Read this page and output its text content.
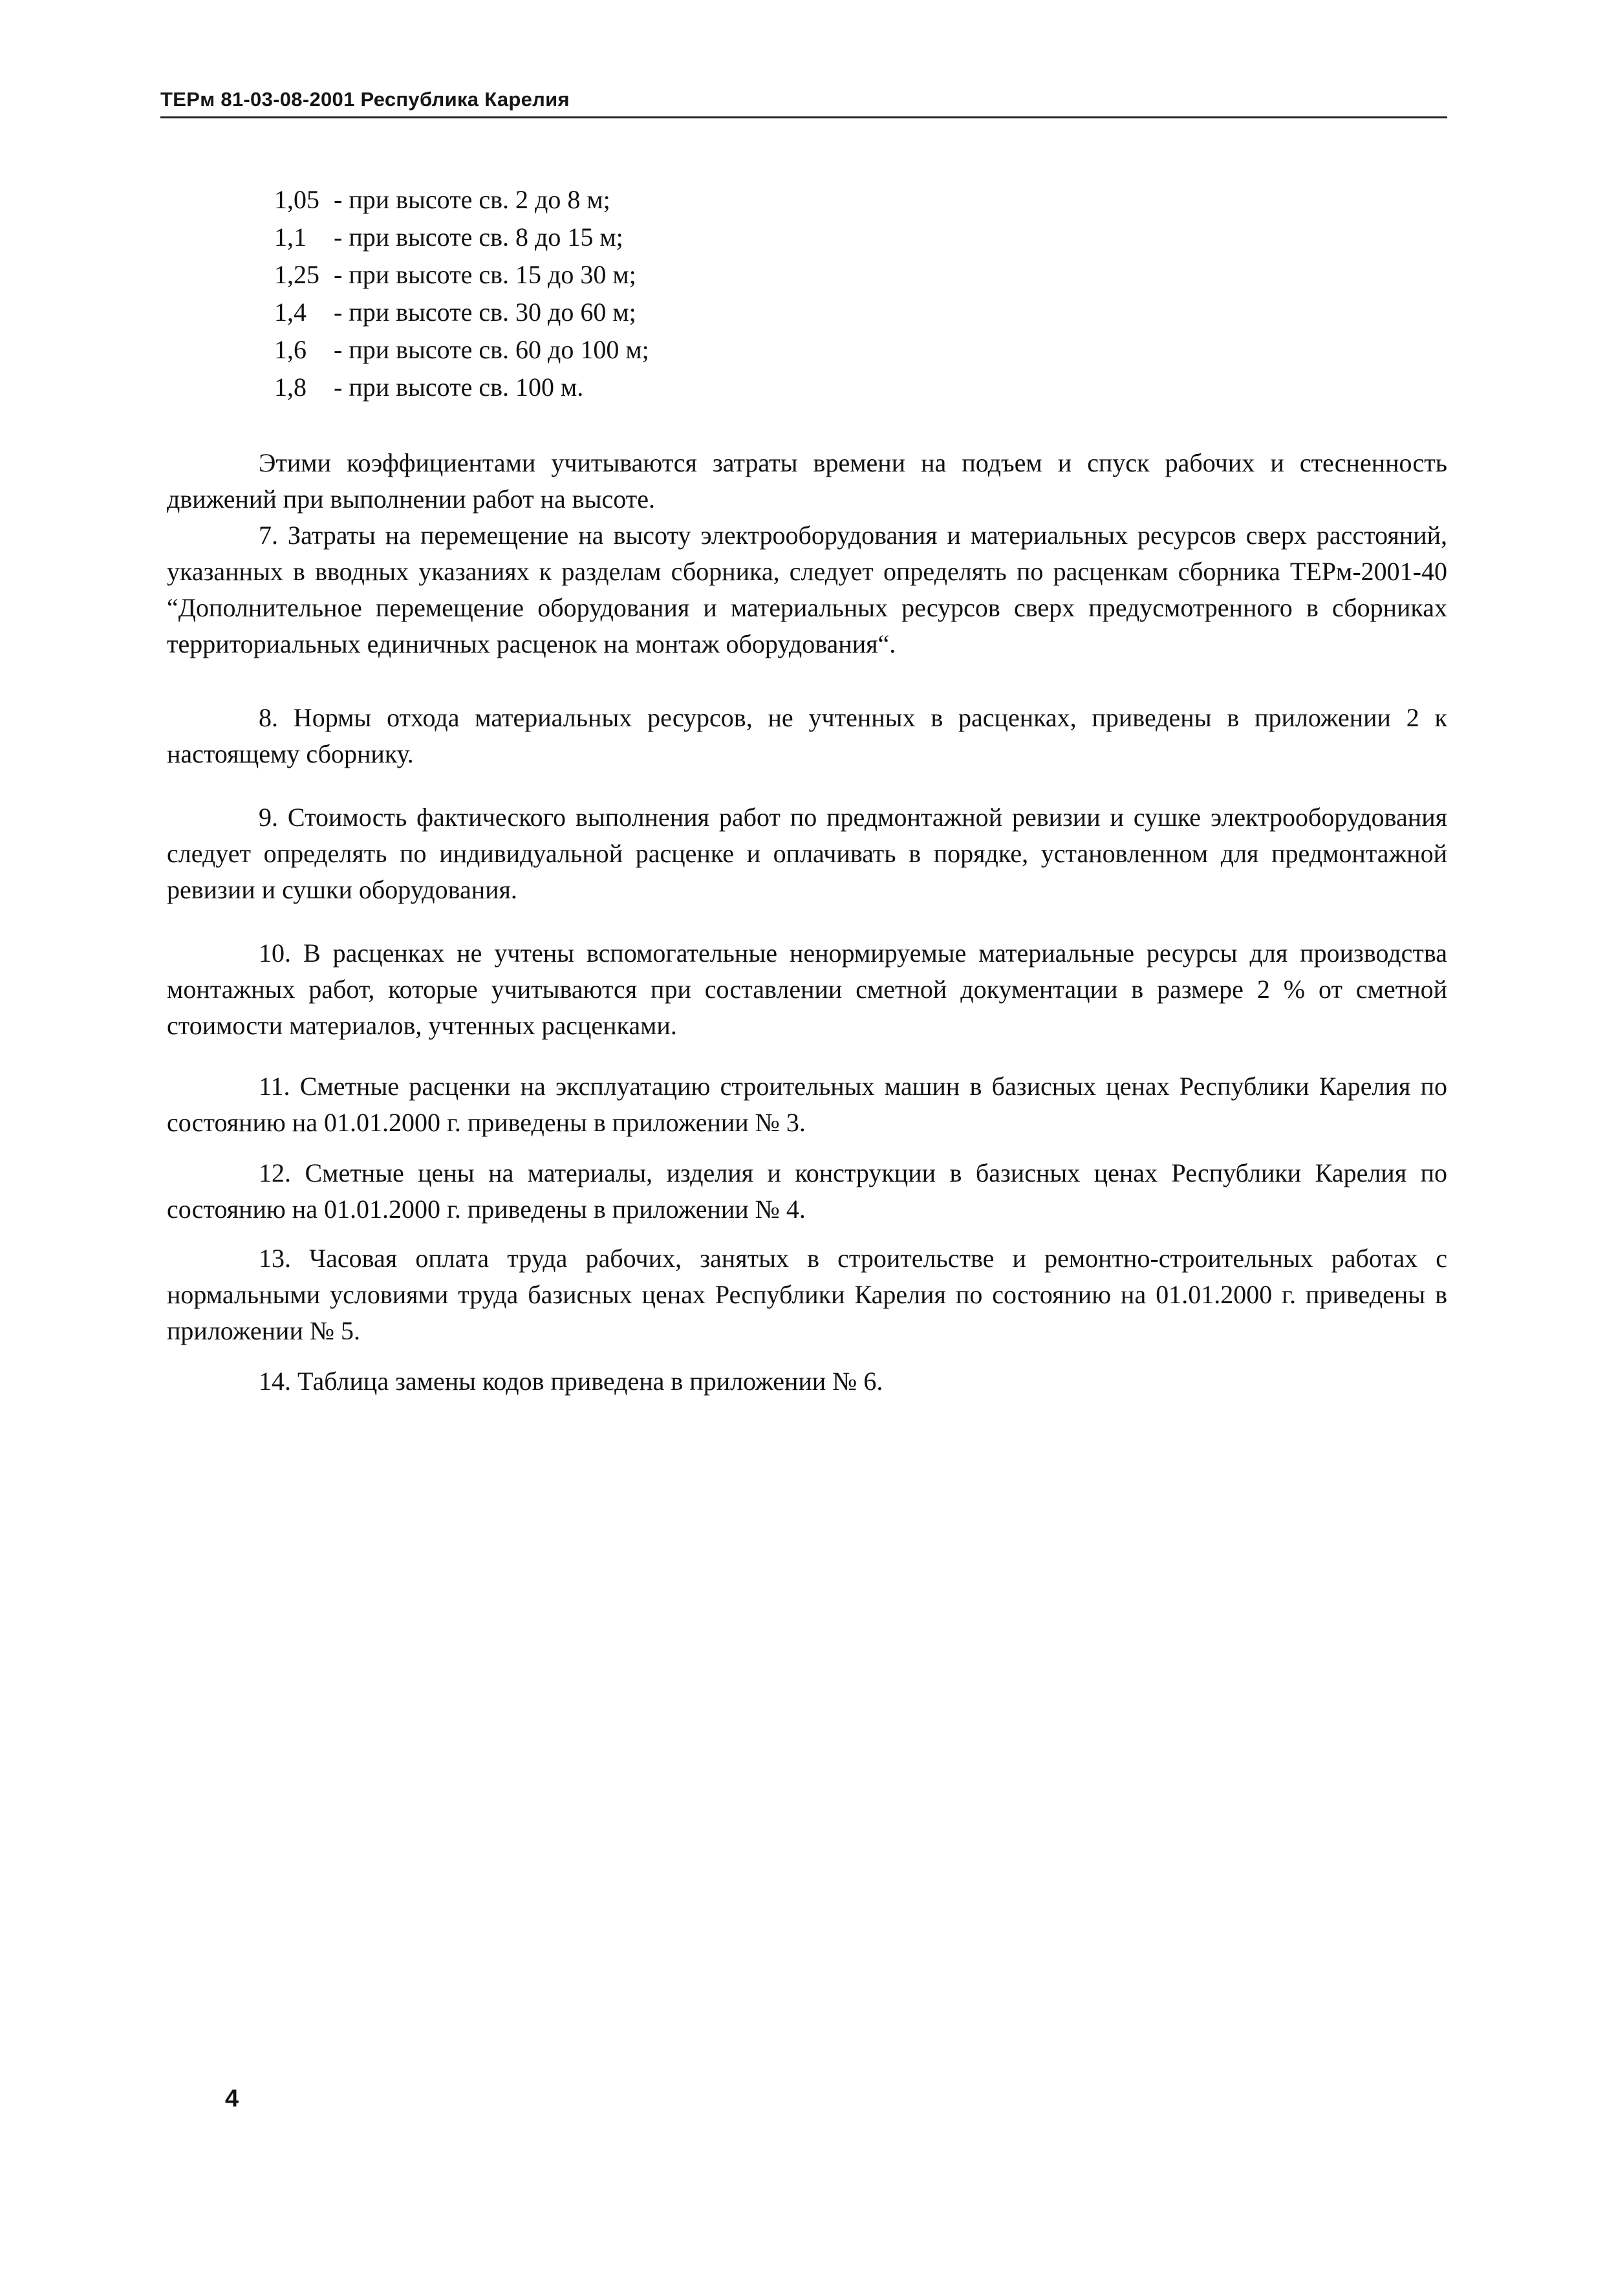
ТЕРм 81-03-08-2001 Республика Карелия
1,05 - при высоте св. 2 до 8 м;
1,1	- при высоте св. 8 до 15 м;
1,25 - при высоте св. 15 до 30 м;
1,4	- при высоте св. 30 до 60 м;
1,6	- при высоте св. 60 до 100 м;
1,8	- при высоте св. 100 м.

Этими коэффициентами учитываются затраты времени на подъем и спуск рабочих и стесненность движений при выполнении работ на высоте.

7. Затраты на перемещение на высоту электрооборудования и материальных ресурсов сверх расстояний, указанных в вводных указаниях к разделам сборника, следует определять по расценкам сборника ТЕРм-2001-40 “Дополнительное перемещение оборудования и материальных ресурсов сверх предусмотренного в сборниках территориальных единичных расценок на монтаж оборудования“.

8. Нормы отхода материальных ресурсов, не учтенных в расценках, приведены в приложении 2 к настоящему сборнику.

9. Стоимость фактического выполнения работ по предмонтажной ревизии и сушке электрооборудования следует определять по индивидуальной расценке и оплачивать в порядке, установленном для предмонтажной ревизии и сушки оборудования.

10. В расценках не учтены вспомогательные ненормируемые материальные ресурсы для производства монтажных работ, которые учитываются при составлении сметной документации в размере 2 % от сметной стоимости материалов, учтенных расценками.

11. Сметные расценки на эксплуатацию строительных машин в базисных ценах Республики Карелия по состоянию на 01.01.2000 г. приведены в приложении № 3.

12. Сметные цены на материалы, изделия и конструкции в базисных ценах Республики Карелия по состоянию на 01.01.2000 г. приведены в приложении № 4.

13. Часовая оплата труда рабочих, занятых в строительстве и ремонтно-строительных работах с нормальными условиями труда базисных ценах Республики Карелия по состоянию на 01.01.2000 г. приведены в приложении № 5.

14. Таблица замены кодов приведена в приложении № 6.

4
